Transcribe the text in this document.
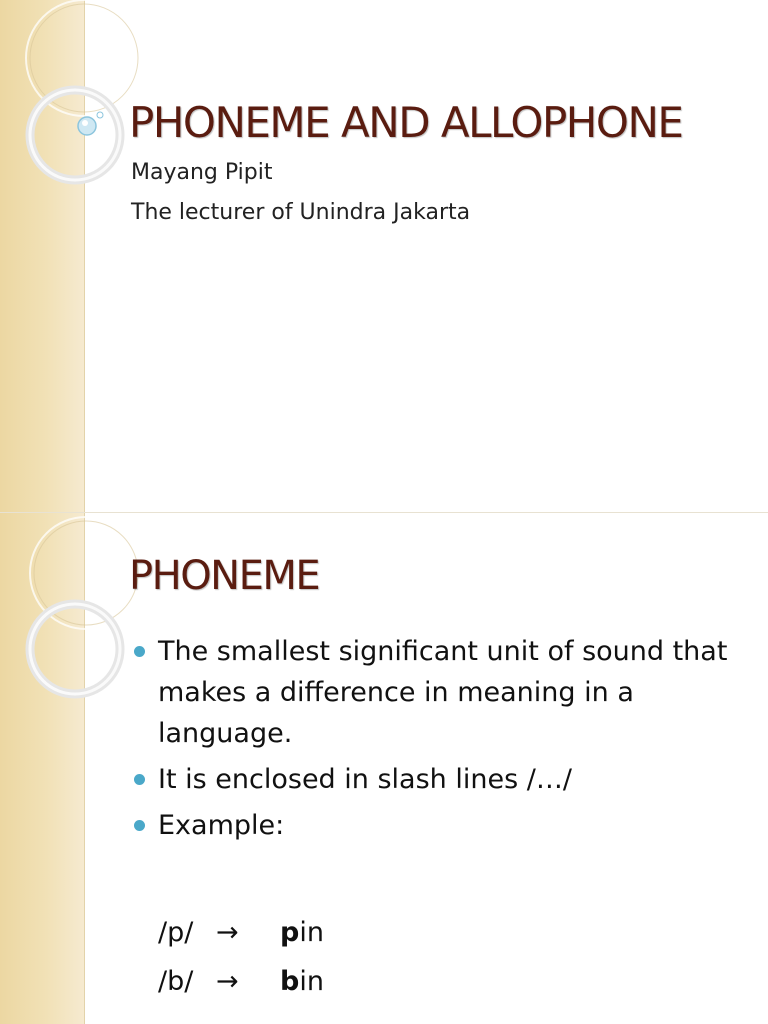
PHONEME AND ALLOPHONE
Mayang Pipit
The lecturer of Unindra Jakarta
PHONEME
The smallest significant unit of sound that makes a difference in meaning in a language.
It is enclosed in slash lines /…/
Example:
/p/ → pin
/b/ → bin
